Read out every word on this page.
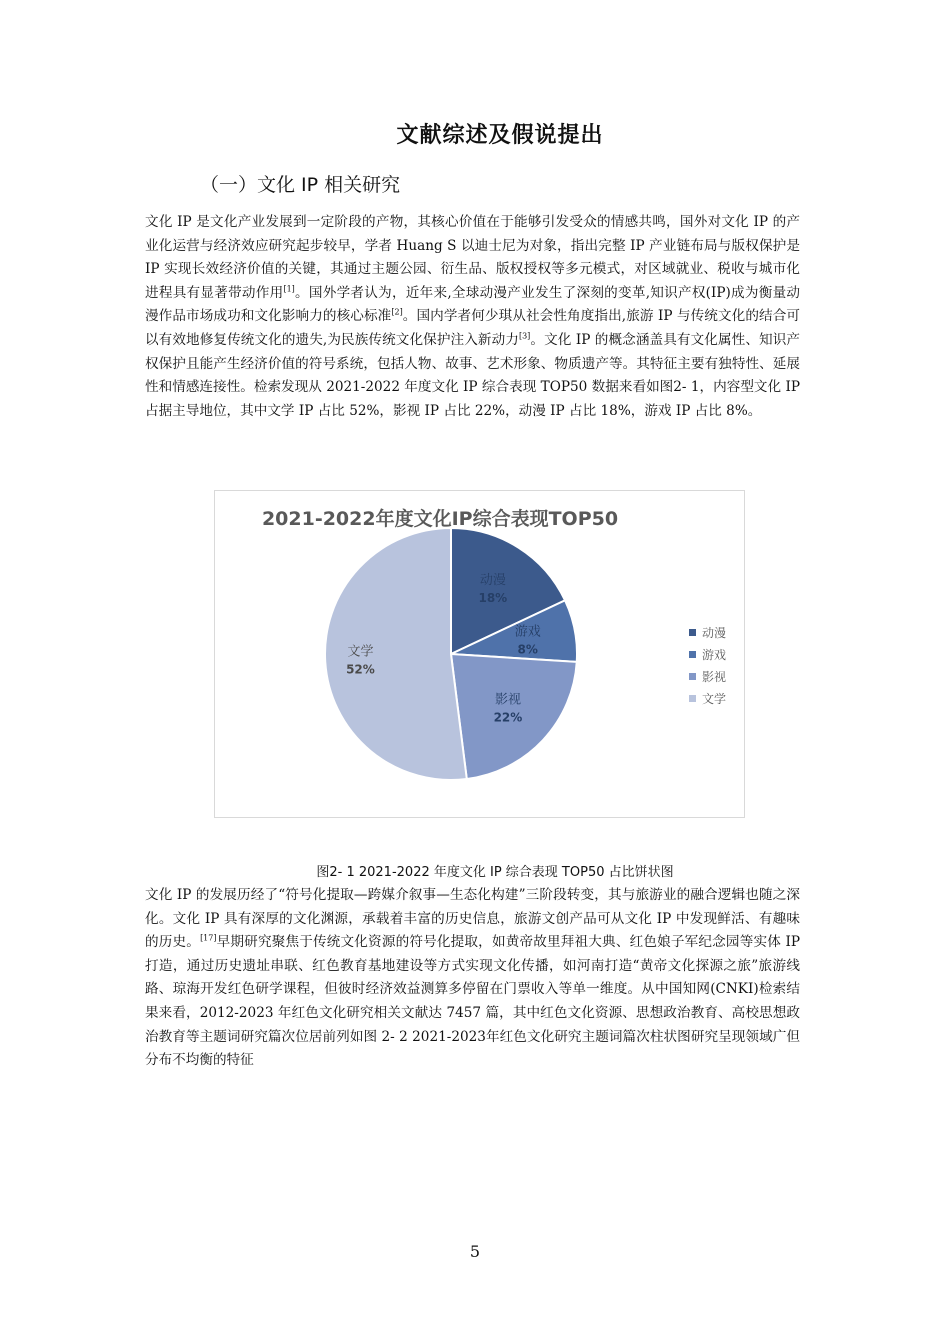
文献综述及假说提出
（一）文化 IP 相关研究
文化 IP 是文化产业发展到一定阶段的产物，其核心价值在于能够引发受众的情感共鸣，国外对文化 IP 的产业化运营与经济效应研究起步较早，学者 Huang S 以迪士尼为对象，指出完整 IP 产业链布局与版权保护是 IP 实现长效经济价值的关键，其通过主题公园、衍生品、版权授权等多元模式，对区域就业、税收与城市化进程具有显著带动作用[1]。国外学者认为，近年来,全球动漫产业发生了深刻的变革,知识产权(IP)成为衡量动漫作品市场成功和文化影响力的核心标准[2]。国内学者何少琪从社会性角度指出,旅游 IP 与传统文化的结合可以有效地修复传统文化的遗失,为民族传统文化保护注入新动力[3]。文化 IP 的概念涵盖具有文化属性、知识产权保护且能产生经济价值的符号系统，包括人物、故事、艺术形象、物质遗产等。其特征主要有独特性、延展性和情感连接性。检索发现从 2021-2022 年度文化 IP 综合表现 TOP50 数据来看如图2- 1，内容型文化 IP 占据主导地位，其中文学 IP 占比 52%，影视 IP 占比 22%，动漫 IP 占比 18%，游戏 IP 占比 8%。
2021-2022年度文化IP综合表现TOP50
动漫
18%
游戏
8%
影视
22%
文学
52%
动漫
游戏
影视
文学
图2- 1 2021-2022 年度文化 IP 综合表现 TOP50 占比饼状图
文化 IP 的发展历经了“符号化提取—跨媒介叙事—生态化构建”三阶段转变，其与旅游业的融合逻辑也随之深化。文化 IP 具有深厚的文化渊源，承载着丰富的历史信息，旅游文创产品可从文化 IP 中发现鲜活、有趣味的历史。[17]早期研究聚焦于传统文化资源的符号化提取，如黄帝故里拜祖大典、红色娘子军纪念园等实体 IP 打造，通过历史遗址串联、红色教育基地建设等方式实现文化传播，如河南打造“黄帝文化探源之旅”旅游线路、琼海开发红色研学课程，但彼时经济效益测算多停留在门票收入等单一维度。从中国知网(CNKI)检索结果来看，2012-2023 年红色文化研究相关文献达 7457 篇，其中红色文化资源、思想政治教育、高校思想政治教育等主题词研究篇次位居前列如图 2- 2 2021-2023年红色文化研究主题词篇次柱状图研究呈现领域广但分布不均衡的特征
5
